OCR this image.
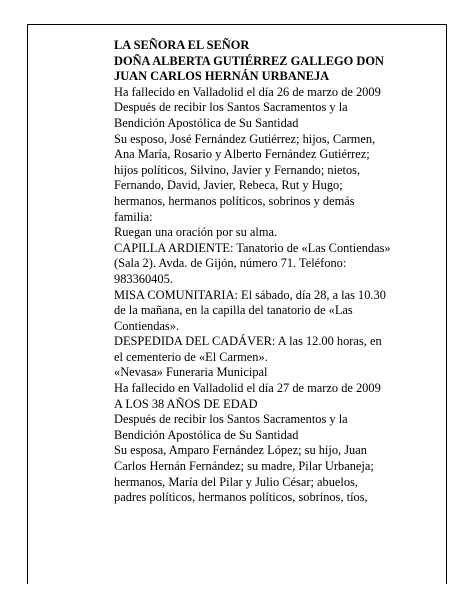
LA SEÑORA EL SEÑOR
DOÑA ALBERTA GUTIÉRREZ GALLEGO DON
JUAN CARLOS HERNÁN URBANEJA
Ha fallecido en Valladolid el día 26 de marzo de 2009
Después de recibir los Santos Sacramentos y la
Bendición Apostólica de Su Santidad
Su esposo, José Fernández Gutiérrez; hijos, Carmen,
Ana María, Rosario y Alberto Fernández Gutiérrez;
hijos políticos, Silvino, Javier y Fernando; nietos,
Fernando, David, Javier, Rebeca, Rut y Hugo;
hermanos, hermanos políticos, sobrinos y demás
familia:
Ruegan una oración por su alma.
CAPILLA ARDIENTE: Tanatorio de «Las Contiendas»
(Sala 2). Avda. de Gijón, número 71. Teléfono:
983360405.
MISA COMUNITARIA: El sábado, día 28, a las 10.30
de la mañana, en la capilla del tanatorio de «Las
Contiendas».
DESPEDIDA DEL CADÁVER: A las 12.00 horas, en
el cementerio de «El Carmen».
«Nevasa» Funeraria Municipal
Ha fallecido en Valladolid el día 27 de marzo de 2009
A LOS 38 AÑOS DE EDAD
Después de recibir los Santos Sacramentos y la
Bendición Apostólica de Su Santidad
Su esposa, Amparo Fernández López; su hijo, Juan
Carlos Hernán Fernández; su madre, Pilar Urbaneja;
hermanos, María del Pilar y Julio César; abuelos,
padres políticos, hermanos políticos, sobrinos, tíos,
